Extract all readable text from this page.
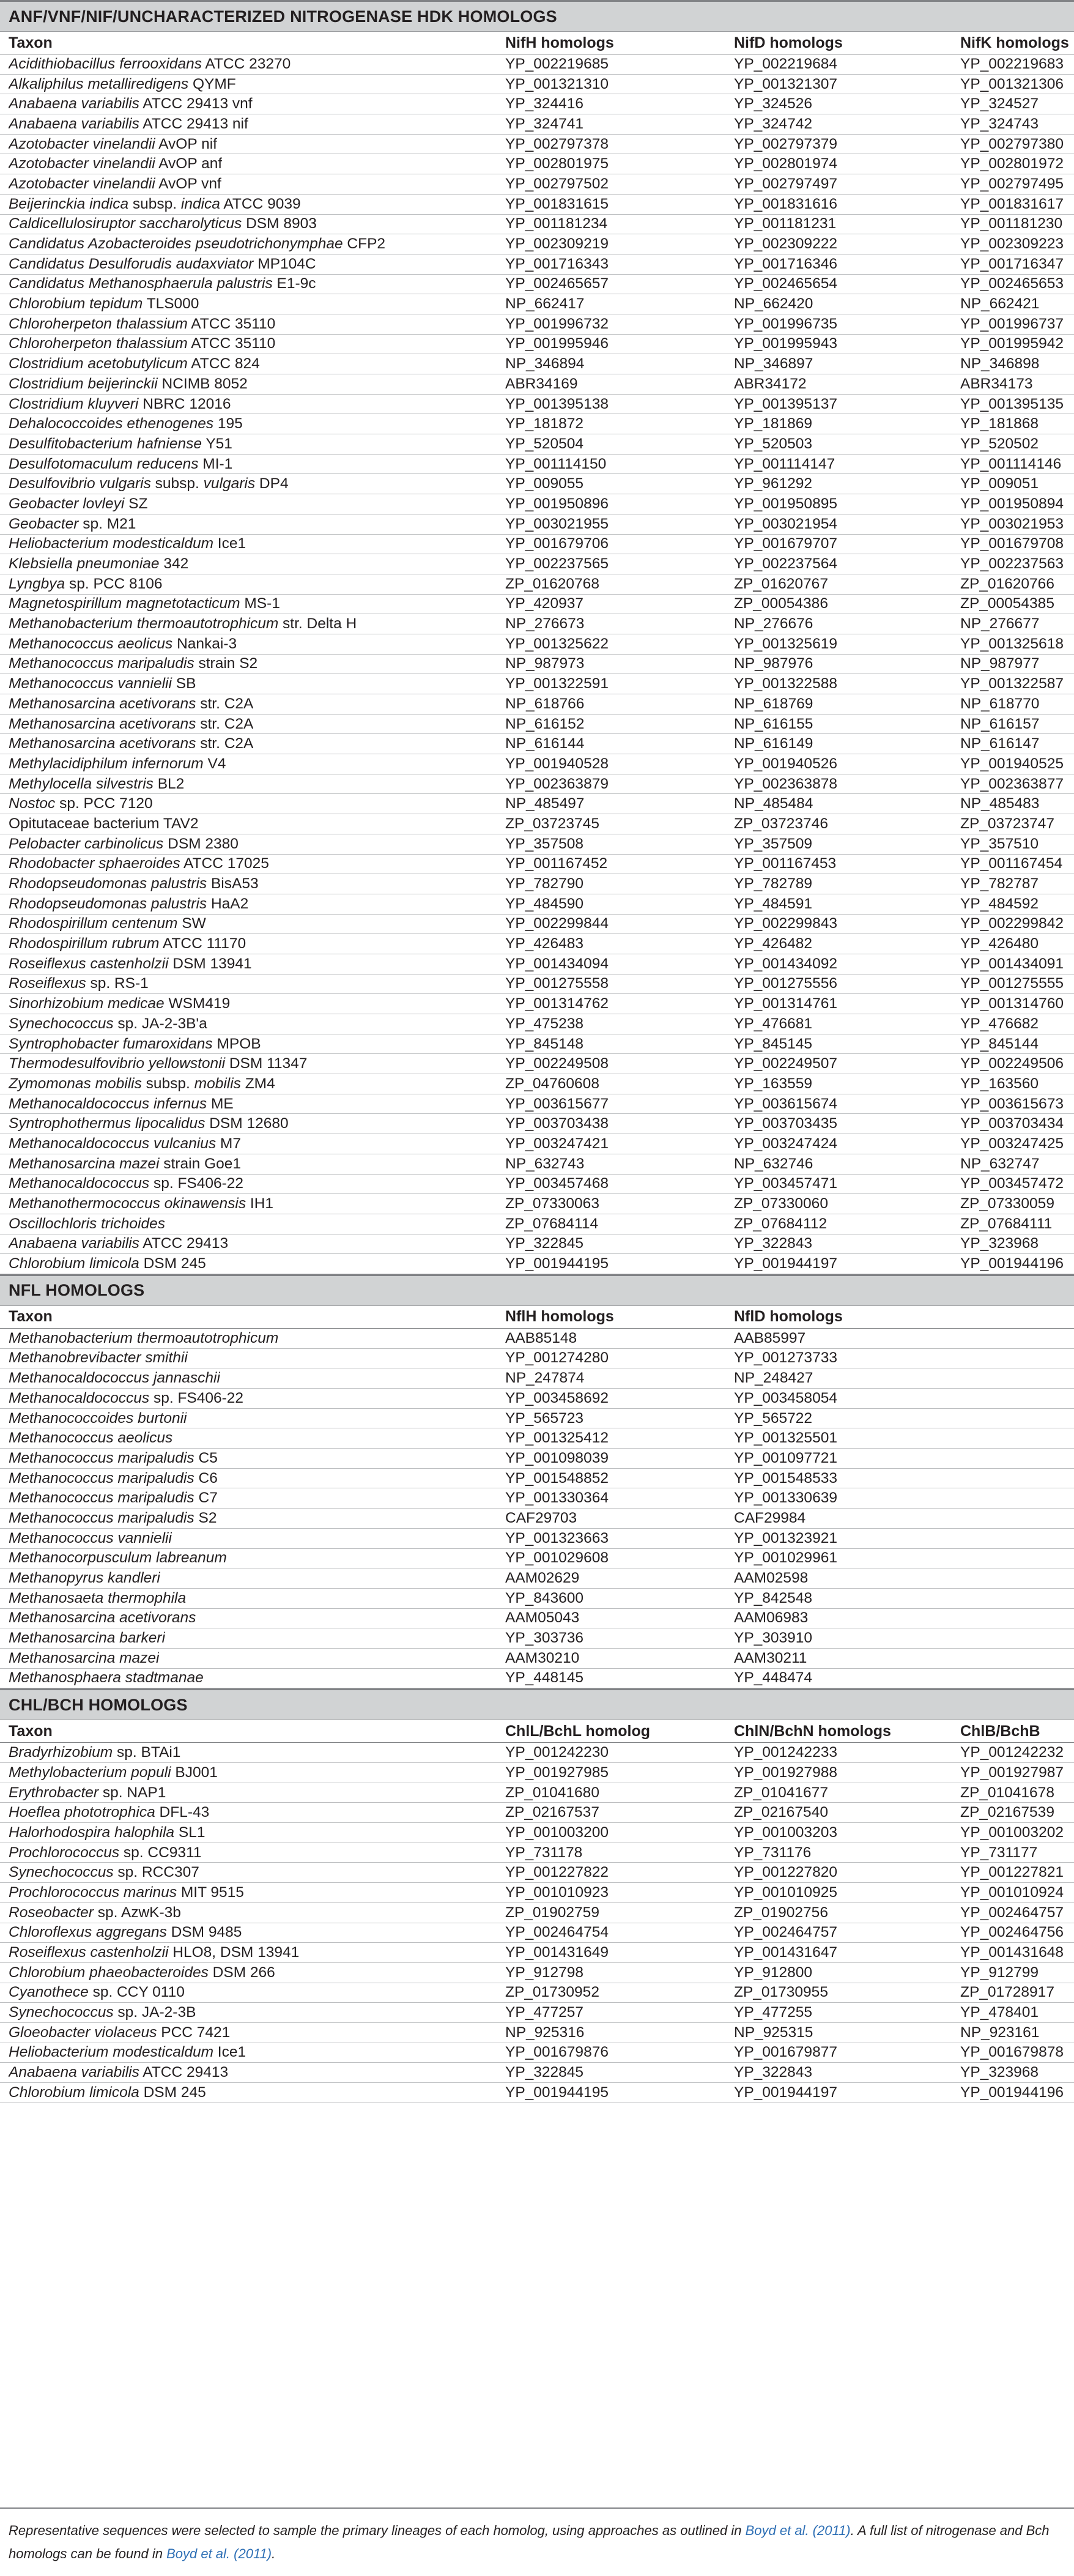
ANF/VNF/NIF/UNCHARACTERIZED NITROGENASE HDK HOMOLOGS
Taxon	NifH homologs	NifD homologs	NifK homologs
Acidithiobacillus ferrooxidans ATCC 23270	YP_002219685	YP_002219684	YP_002219683
Alkaliphilus metalliredigens QYMF	YP_001321310	YP_001321307	YP_001321306
Anabaena variabilis ATCC 29413 vnf	YP_324416	YP_324526	YP_324527
Anabaena variabilis ATCC 29413 nif	YP_324741	YP_324742	YP_324743
Azotobacter vinelandii AvOP nif	YP_002797378	YP_002797379	YP_002797380
Azotobacter vinelandii AvOP anf	YP_002801975	YP_002801974	YP_002801972
Azotobacter vinelandii AvOP vnf	YP_002797502	YP_002797497	YP_002797495
Beijerinckia indica subsp. indica ATCC 9039	YP_001831615	YP_001831616	YP_001831617
Caldicellulosiruptor saccharolyticus DSM 8903	YP_001181234	YP_001181231	YP_001181230
Candidatus Azobacteroides pseudotrichonymphae CFP2	YP_002309219	YP_002309222	YP_002309223
Candidatus Desulforudis audaxviator MP104C	YP_001716343	YP_001716346	YP_001716347
Candidatus Methanosphaerula palustris E1-9c	YP_002465657	YP_002465654	YP_002465653
Chlorobium tepidum TLS000	NP_662417	NP_662420	NP_662421
Chloroherpeton thalassium ATCC 35110	YP_001996732	YP_001996735	YP_001996737
Chloroherpeton thalassium ATCC 35110	YP_001995946	YP_001995943	YP_001995942
Clostridium acetobutylicum ATCC 824	NP_346894	NP_346897	NP_346898
Clostridium beijerinckii NCIMB 8052	ABR34169	ABR34172	ABR34173
Clostridium kluyveri NBRC 12016	YP_001395138	YP_001395137	YP_001395135
Dehalococcoides ethenogenes 195	YP_181872	YP_181869	YP_181868
Desulfitobacterium hafniense Y51	YP_520504	YP_520503	YP_520502
Desulfotomaculum reducens MI-1	YP_001114150	YP_001114147	YP_001114146
Desulfovibrio vulgaris subsp. vulgaris DP4	YP_009055	YP_961292	YP_009051
Geobacter lovleyi SZ	YP_001950896	YP_001950895	YP_001950894
Geobacter sp. M21	YP_003021955	YP_003021954	YP_003021953
Heliobacterium modesticaldum Ice1	YP_001679706	YP_001679707	YP_001679708
Klebsiella pneumoniae 342	YP_002237565	YP_002237564	YP_002237563
Lyngbya sp. PCC 8106	ZP_01620768	ZP_01620767	ZP_01620766
Magnetospirillum magnetotacticum MS-1	YP_420937	ZP_00054386	ZP_00054385
Methanobacterium thermoautotrophicum str. Delta H	NP_276673	NP_276676	NP_276677
Methanococcus aeolicus Nankai-3	YP_001325622	YP_001325619	YP_001325618
Methanococcus maripaludis strain S2	NP_987973	NP_987976	NP_987977
Methanococcus vannielii SB	YP_001322591	YP_001322588	YP_001322587
Methanosarcina acetivorans str. C2A	NP_618766	NP_618769	NP_618770
Methanosarcina acetivorans str. C2A	NP_616152	NP_616155	NP_616157
Methanosarcina acetivorans str. C2A	NP_616144	NP_616149	NP_616147
Methylacidiphilum infernorum V4	YP_001940528	YP_001940526	YP_001940525
Methylocella silvestris BL2	YP_002363879	YP_002363878	YP_002363877
Nostoc sp. PCC 7120	NP_485497	NP_485484	NP_485483
Opitutaceae bacterium TAV2	ZP_03723745	ZP_03723746	ZP_03723747
Pelobacter carbinolicus DSM 2380	YP_357508	YP_357509	YP_357510
Rhodobacter sphaeroides ATCC 17025	YP_001167452	YP_001167453	YP_001167454
Rhodopseudomonas palustris BisA53	YP_782790	YP_782789	YP_782787
Rhodopseudomonas palustris HaA2	YP_484590	YP_484591	YP_484592
Rhodospirillum centenum SW	YP_002299844	YP_002299843	YP_002299842
Rhodospirillum rubrum ATCC 11170	YP_426483	YP_426482	YP_426480
Roseiflexus castenholzii DSM 13941	YP_001434094	YP_001434092	YP_001434091
Roseiflexus sp. RS-1	YP_001275558	YP_001275556	YP_001275555
Sinorhizobium medicae WSM419	YP_001314762	YP_001314761	YP_001314760
Synechococcus sp. JA-2-3B'a	YP_475238	YP_476681	YP_476682
Syntrophobacter fumaroxidans MPOB	YP_845148	YP_845145	YP_845144
Thermodesulfovibrio yellowstonii DSM 11347	YP_002249508	YP_002249507	YP_002249506
Zymomonas mobilis subsp. mobilis ZM4	ZP_04760608	YP_163559	YP_163560
Methanocaldococcus infernus ME	YP_003615677	YP_003615674	YP_003615673
Syntrophothermus lipocalidus DSM 12680	YP_003703438	YP_003703435	YP_003703434
Methanocaldococcus vulcanius M7	YP_003247421	YP_003247424	YP_003247425
Methanosarcina mazei strain Goe1	NP_632743	NP_632746	NP_632747
Methanocaldococcus sp. FS406-22	YP_003457468	YP_003457471	YP_003457472
Methanothermococcus okinawensis IH1	ZP_07330063	ZP_07330060	ZP_07330059
Oscillochloris trichoides	ZP_07684114	ZP_07684112	ZP_07684111
Anabaena variabilis ATCC 29413	YP_322845	YP_322843	YP_323968
Chlorobium limicola DSM 245	YP_001944195	YP_001944197	YP_001944196
NFL HOMOLOGS
Taxon	NflH homologs	NflD homologs
Methanobacterium thermoautotrophicum	AAB85148	AAB85997
Methanobrevibacter smithii	YP_001274280	YP_001273733
Methanocaldococcus jannaschii	NP_247874	NP_248427
Methanocaldococcus sp. FS406-22	YP_003458692	YP_003458054
Methanococcoides burtonii	YP_565723	YP_565722
Methanococcus aeolicus	YP_001325412	YP_001325501
Methanococcus maripaludis C5	YP_001098039	YP_001097721
Methanococcus maripaludis C6	YP_001548852	YP_001548533
Methanococcus maripaludis C7	YP_001330364	YP_001330639
Methanococcus maripaludis S2	CAF29703	CAF29984
Methanococcus vannielii	YP_001323663	YP_001323921
Methanocorpusculum labreanum	YP_001029608	YP_001029961
Methanopyrus kandleri	AAM02629	AAM02598
Methanosaeta thermophila	YP_843600	YP_842548
Methanosarcina acetivorans	AAM05043	AAM06983
Methanosarcina barkeri	YP_303736	YP_303910
Methanosarcina mazei	AAM30210	AAM30211
Methanosphaera stadtmanae	YP_448145	YP_448474
CHL/BCH HOMOLOGS
Taxon	ChlL/BchL homolog	ChlN/BchN homologs	ChlB/BchB
Bradyrhizobium sp. BTAi1	YP_001242230	YP_001242233	YP_001242232
Methylobacterium populi BJ001	YP_001927985	YP_001927988	YP_001927987
Erythrobacter sp. NAP1	ZP_01041680	ZP_01041677	ZP_01041678
Hoeflea phototrophica DFL-43	ZP_02167537	ZP_02167540	ZP_02167539
Halorhodospira halophila SL1	YP_001003200	YP_001003203	YP_001003202
Prochlorococcus sp. CC9311	YP_731178	YP_731176	YP_731177
Synechococcus sp. RCC307	YP_001227822	YP_001227820	YP_001227821
Prochlorococcus marinus MIT 9515	YP_001010923	YP_001010925	YP_001010924
Roseobacter sp. AzwK-3b	ZP_01902759	ZP_01902756	YP_002464757
Chloroflexus aggregans DSM 9485	YP_002464754	YP_002464757	YP_002464756
Roseiflexus castenholzii HLO8, DSM 13941	YP_001431649	YP_001431647	YP_001431648
Chlorobium phaeobacteroides DSM 266	YP_912798	YP_912800	YP_912799
Cyanothece sp. CCY 0110	ZP_01730952	ZP_01730955	ZP_01728917
Synechococcus sp. JA-2-3B	YP_477257	YP_477255	YP_478401
Gloeobacter violaceus PCC 7421	NP_925316	NP_925315	NP_923161
Heliobacterium modesticaldum Ice1	YP_001679876	YP_001679877	YP_001679878
Anabaena variabilis ATCC 29413	YP_322845	YP_322843	YP_323968
Chlorobium limicola DSM 245	YP_001944195	YP_001944197	YP_001944196
Representative sequences were selected to sample the primary lineages of each homolog, using approaches as outlined in Boyd et al. (2011). A full list of nitrogenase and Bch homologs can be found in Boyd et al. (2011).
